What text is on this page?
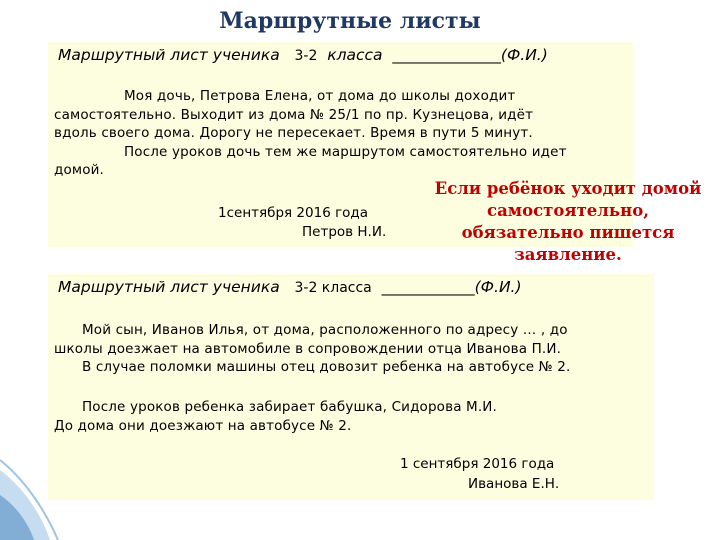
Маршрутные листы
Маршрутный лист ученика 3-2 класса ______________(Ф.И.)

Моя дочь, Петрова Елена, от дома до школы доходит
самостоятельно. Выходит из дома № 25/1 по пр. Кузнецова, идёт
вдоль своего дома. Дорогу не пересекает. Время в пути 5 минут.
После уроков дочь тем же маршрутом самостоятельно идет
домой.

1сентября 2016 года
Петров Н.И.
Если ребёнок уходит домой
самостоятельно,
обязательно пишется
заявление.
Маршрутный лист ученика 3-2 класса ____________(Ф.И.)

Мой сын, Иванов Илья, от дома, расположенного по адресу … , до
школы доезжает на автомобиле в сопровождении отца Иванова П.И.
В случае поломки машины отец довозит ребенка на автобусе № 2.

После уроков ребенка забирает бабушка, Сидорова М.И.
До дома они доезжают на автобусе № 2.

1 сентября 2016 года
Иванова Е.Н.
